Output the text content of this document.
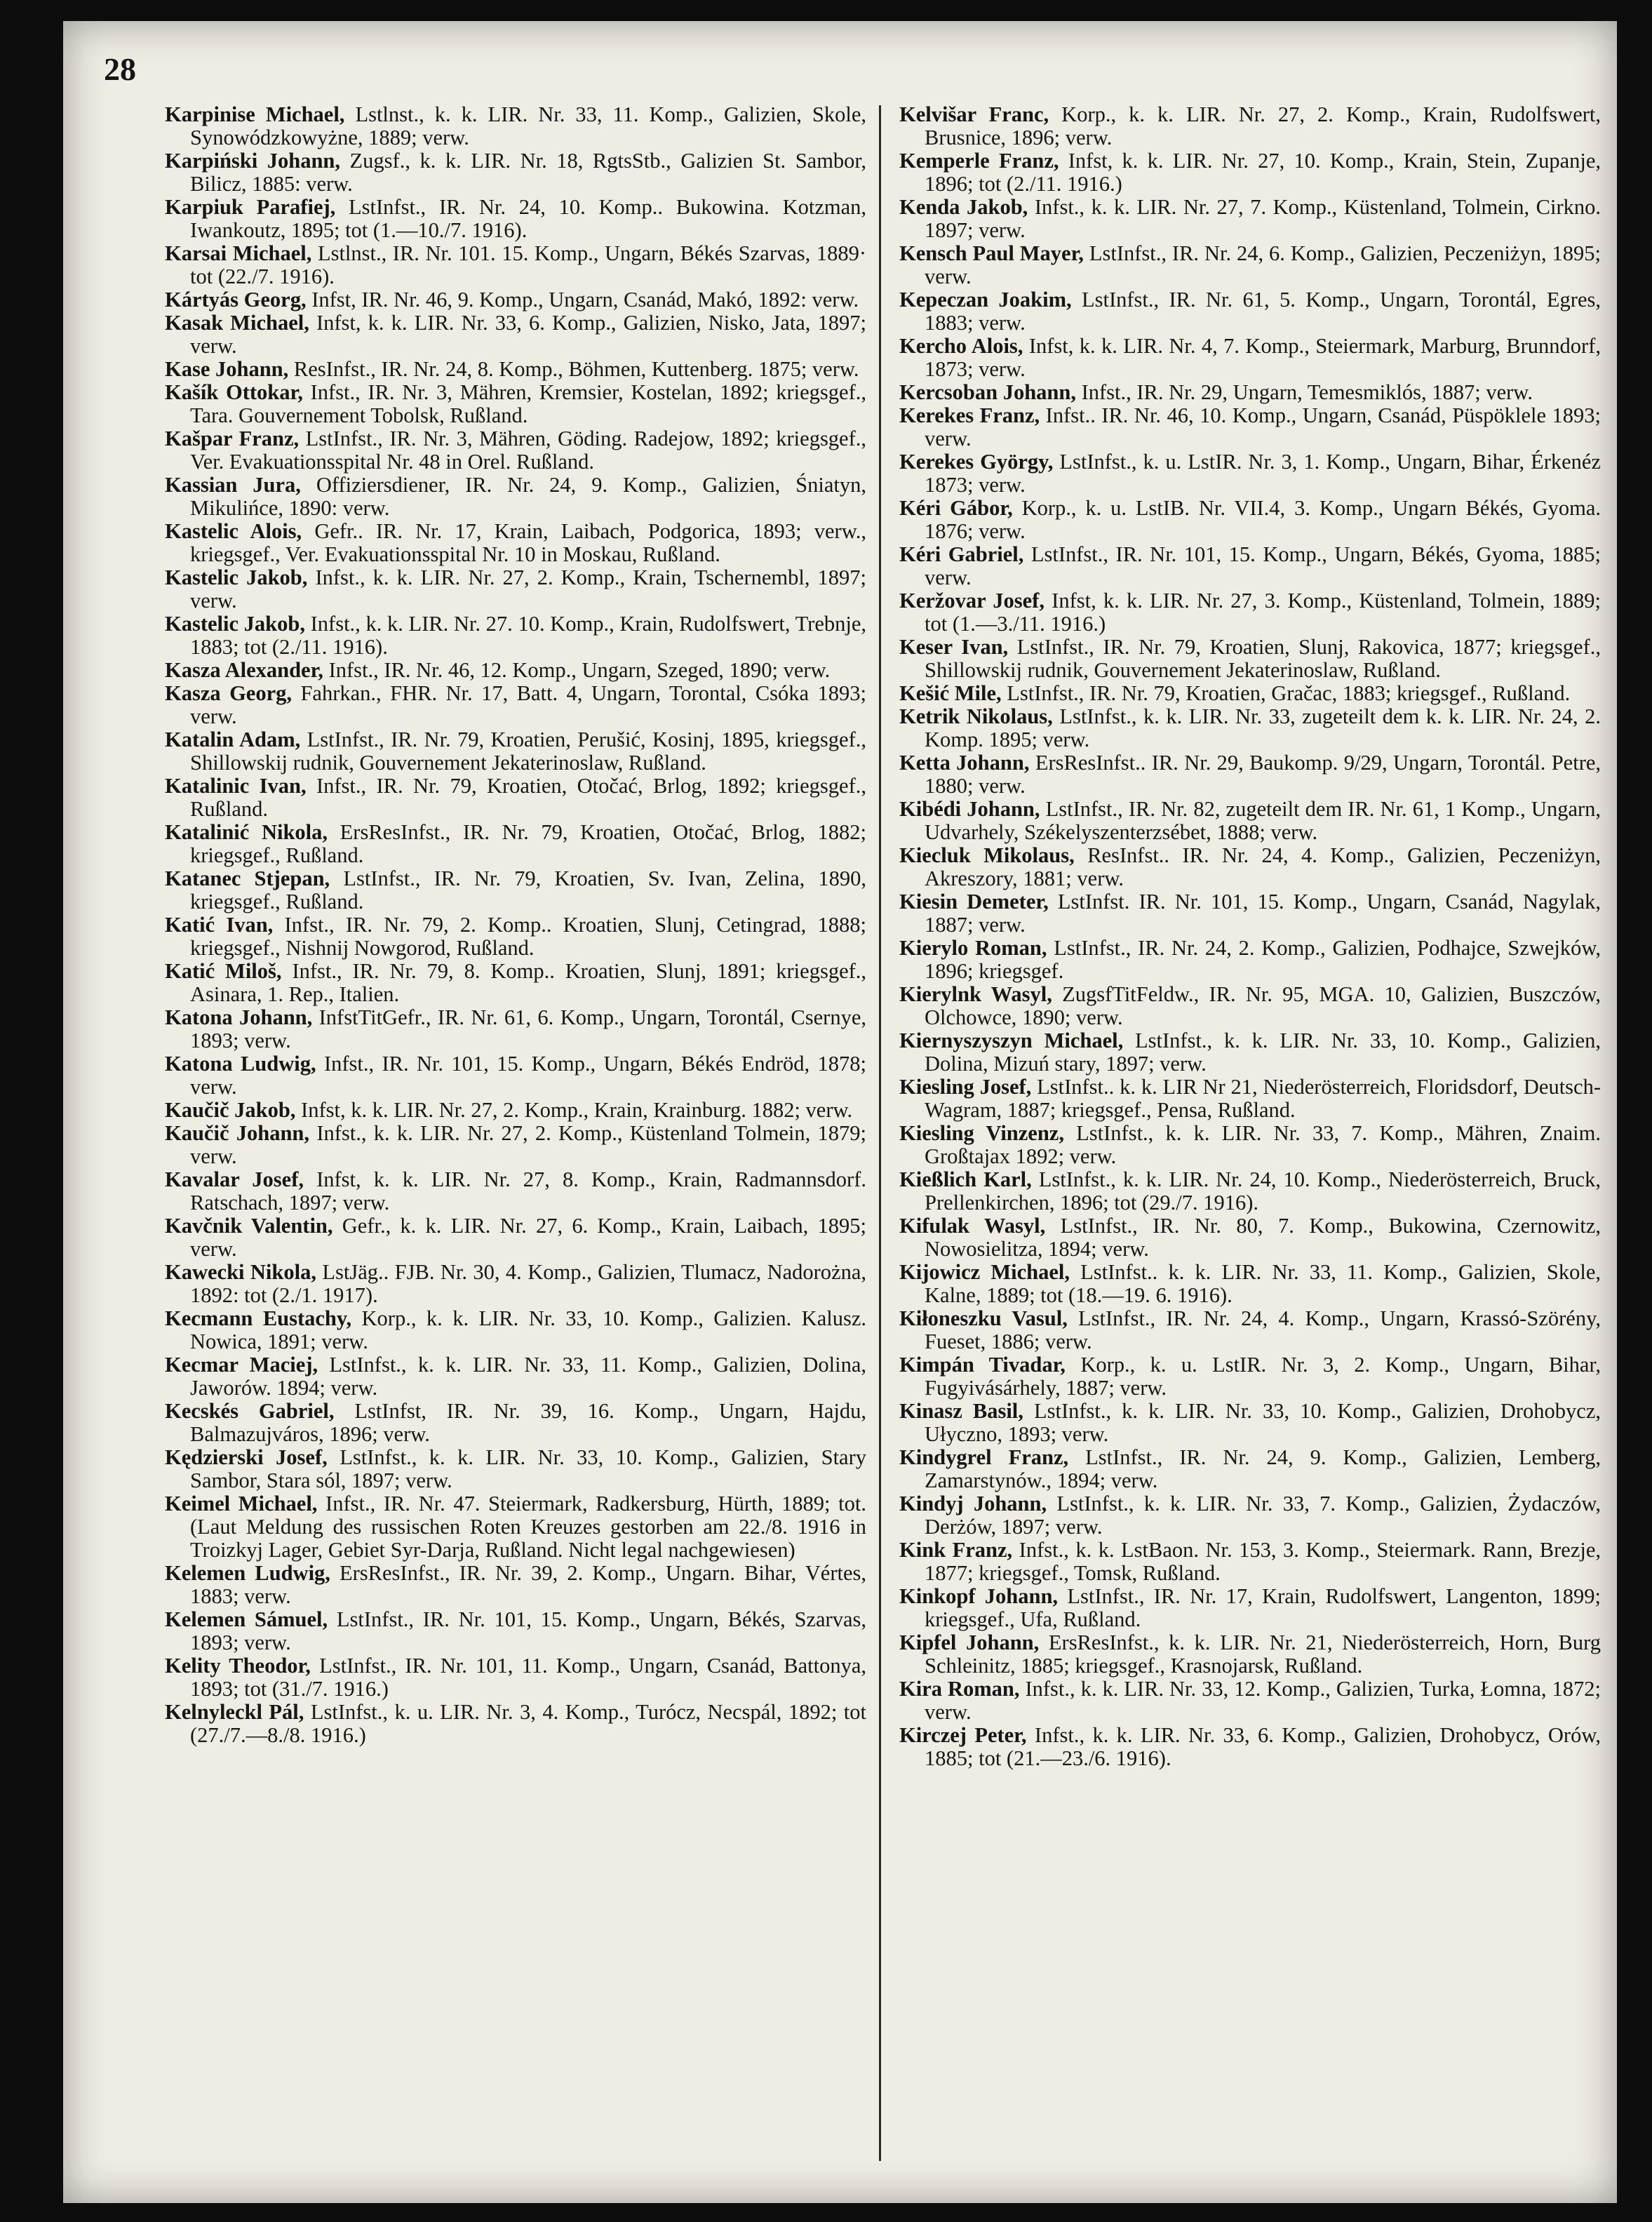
28

Karpinise Michael, Lstlnst., k. k. LIR. Nr. 33, 11. Komp., Galizien, Skole, Synowódzkowyżne, 1889; verw.

Karpiński Johann, Zugsf., k. k. LIR. Nr. 18, RgtsStb., Galizien St. Sambor, Bilicz, 1885: verw.

Karpiuk Parafiej, LstInfst., IR. Nr. 24, 10. Komp.. Bukowina. Kotzman, Iwankoutz, 1895; tot (1.—10./7. 1916).

Karsai Michael, Lstlnst., IR. Nr. 101. 15. Komp., Ungarn, Békés Szarvas, 1889· tot (22./7. 1916).

Kártyás Georg, Infst, IR. Nr. 46, 9. Komp., Ungarn, Csanád, Makó, 1892: verw.

Kasak Michael, Infst, k. k. LIR. Nr. 33, 6. Komp., Galizien, Nisko, Jata, 1897; verw.

Kase Johann, ResInfst., IR. Nr. 24, 8. Komp., Böhmen, Kuttenberg. 1875; verw.

Kašík Ottokar, Infst., IR. Nr. 3, Mähren, Kremsier, Kostelan, 1892; kriegsgef., Tara. Gouvernement Tobolsk, Rußland.

Kašpar Franz, LstInfst., IR. Nr. 3, Mähren, Göding. Radejow, 1892; kriegsgef., Ver. Evakuationsspital Nr. 48 in Orel. Rußland.

Kassian Jura, Offiziersdiener, IR. Nr. 24, 9. Komp., Galizien, Śniatyn, Mikulińce, 1890: verw.

Kastelic Alois, Gefr.. IR. Nr. 17, Krain, Laibach, Podgorica, 1893; verw., kriegsgef., Ver. Evakuationsspital Nr. 10 in Moskau, Rußland.

Kastelic Jakob, Infst., k. k. LIR. Nr. 27, 2. Komp., Krain, Tschernembl, 1897; verw.

Kastelic Jakob, Infst., k. k. LIR. Nr. 27. 10. Komp., Krain, Rudolfswert, Trebnje, 1883; tot (2./11. 1916).

Kasza Alexander, Infst., IR. Nr. 46, 12. Komp., Ungarn, Szeged, 1890; verw.

Kasza Georg, Fahrkan., FHR. Nr. 17, Batt. 4, Ungarn, Torontal, Csóka 1893; verw.

Katalin Adam, LstInfst., IR. Nr. 79, Kroatien, Perušić, Kosinj, 1895, kriegsgef., Shillowskij rudnik, Gouvernement Jekaterinoslaw, Rußland.

Katalinic Ivan, Infst., IR. Nr. 79, Kroatien, Otočać, Brlog, 1892; kriegsgef., Rußland.

Katalinić Nikola, ErsResInfst., IR. Nr. 79, Kroatien, Otočać, Brlog, 1882; kriegsgef., Rußland.

Katanec Stjepan, LstInfst., IR. Nr. 79, Kroatien, Sv. Ivan, Zelina, 1890, kriegsgef., Rußland.

Katić Ivan, Infst., IR. Nr. 79, 2. Komp.. Kroatien, Slunj, Cetingrad, 1888; kriegsgef., Nishnij Nowgorod, Rußland.

Katić Miloš, Infst., IR. Nr. 79, 8. Komp.. Kroatien, Slunj, 1891; kriegsgef., Asinara, 1. Rep., Italien.

Katona Johann, InfstTitGefr., IR. Nr. 61, 6. Komp., Ungarn, Torontál, Csernye, 1893; verw.

Katona Ludwig, Infst., IR. Nr. 101, 15. Komp., Ungarn, Békés Endröd, 1878; verw.

Kaučič Jakob, Infst, k. k. LIR. Nr. 27, 2. Komp., Krain, Krainburg. 1882; verw.

Kaučič Johann, Infst., k. k. LIR. Nr. 27, 2. Komp., Küstenland Tolmein, 1879; verw.

Kavalar Josef, Infst, k. k. LIR. Nr. 27, 8. Komp., Krain, Radmannsdorf. Ratschach, 1897; verw.

Kavčnik Valentin, Gefr., k. k. LIR. Nr. 27, 6. Komp., Krain, Laibach, 1895; verw.

Kawecki Nikola, LstJäg.. FJB. Nr. 30, 4. Komp., Galizien, Tlumacz, Nadorożna, 1892: tot (2./1. 1917).

Kecmann Eustachy, Korp., k. k. LIR. Nr. 33, 10. Komp., Galizien. Kalusz. Nowica, 1891; verw.

Kecmar Maciej, LstInfst., k. k. LIR. Nr. 33, 11. Komp., Galizien, Dolina, Jaworów. 1894; verw.

Kecskés Gabriel, LstInfst, IR. Nr. 39, 16. Komp., Ungarn, Hajdu, Balmazujváros, 1896; verw.

Kędzierski Josef, LstInfst., k. k. LIR. Nr. 33, 10. Komp., Galizien, Stary Sambor, Stara sól, 1897; verw.

Keimel Michael, Infst., IR. Nr. 47. Steiermark, Radkersburg, Hürth, 1889; tot. (Laut Meldung des russischen Roten Kreuzes gestorben am 22./8. 1916 in Troizkyj Lager, Gebiet Syr-Darja, Rußland. Nicht legal nachgewiesen)

Kelemen Ludwig, ErsResInfst., IR. Nr. 39, 2. Komp., Ungarn. Bihar, Vértes, 1883; verw.

Kelemen Sámuel, LstInfst., IR. Nr. 101, 15. Komp., Ungarn, Békés, Szarvas, 1893; verw.

Kelity Theodor, LstInfst., IR. Nr. 101, 11. Komp., Ungarn, Csanád, Battonya, 1893; tot (31./7. 1916.)

Kelnyleckl Pál, LstInfst., k. u. LIR. Nr. 3, 4. Komp., Turócz, Necspál, 1892; tot (27./7.—8./8. 1916.)

Kelvišar Franc, Korp., k. k. LIR. Nr. 27, 2. Komp., Krain, Rudolfswert, Brusnice, 1896; verw.

Kemperle Franz, Infst, k. k. LIR. Nr. 27, 10. Komp., Krain, Stein, Zupanje, 1896; tot (2./11. 1916.)

Kenda Jakob, Infst., k. k. LIR. Nr. 27, 7. Komp., Küstenland, Tolmein, Cirkno. 1897; verw.

Kensch Paul Mayer, LstInfst., IR. Nr. 24, 6. Komp., Galizien, Peczeniżyn, 1895; verw.

Kepeczan Joakim, LstInfst., IR. Nr. 61, 5. Komp., Ungarn, Torontál, Egres, 1883; verw.

Kercho Alois, Infst, k. k. LIR. Nr. 4, 7. Komp., Steiermark, Marburg, Brunndorf, 1873; verw.

Kercsoban Johann, Infst., IR. Nr. 29, Ungarn, Temesmiklós, 1887; verw.

Kerekes Franz, Infst.. IR. Nr. 46, 10. Komp., Ungarn, Csanád, Püspöklele 1893; verw.

Kerekes György, LstInfst., k. u. LstIR. Nr. 3, 1. Komp., Ungarn, Bihar, Érkenéz 1873; verw.

Kéri Gábor, Korp., k. u. LstIB. Nr. VII.4, 3. Komp., Ungarn Békés, Gyoma. 1876; verw.

Kéri Gabriel, LstInfst., IR. Nr. 101, 15. Komp., Ungarn, Békés, Gyoma, 1885; verw.

Keržovar Josef, Infst, k. k. LIR. Nr. 27, 3. Komp., Küstenland, Tolmein, 1889; tot (1.—3./11. 1916.)

Keser Ivan, LstInfst., IR. Nr. 79, Kroatien, Slunj, Rakovica, 1877; kriegsgef., Shillowskij rudnik, Gouvernement Jekaterinoslaw, Rußland.

Kešić Mile, LstInfst., IR. Nr. 79, Kroatien, Gračac, 1883; kriegsgef., Rußland.

Ketrik Nikolaus, LstInfst., k. k. LIR. Nr. 33, zugeteilt dem k. k. LIR. Nr. 24, 2. Komp. 1895; verw.

Ketta Johann, ErsResInfst.. IR. Nr. 29, Baukomp. 9/29, Ungarn, Torontál. Petre, 1880; verw.

Kibédi Johann, LstInfst., IR. Nr. 82, zugeteilt dem IR. Nr. 61, 1 Komp., Ungarn, Udvarhely, Székelyszenterzsébet, 1888; verw.

Kiecluk Mikolaus, ResInfst.. IR. Nr. 24, 4. Komp., Galizien, Peczeniżyn, Akreszory, 1881; verw.

Kiesin Demeter, LstInfst. IR. Nr. 101, 15. Komp., Ungarn, Csanád, Nagylak, 1887; verw.

Kierylo Roman, LstInfst., IR. Nr. 24, 2. Komp., Galizien, Podhajce, Szwejków, 1896; kriegsgef.

Kierylnk Wasyl, ZugsfTitFeldw., IR. Nr. 95, MGA. 10, Galizien, Buszczów, Olchowce, 1890; verw.

Kiernyszyszyn Michael, LstInfst., k. k. LIR. Nr. 33, 10. Komp., Galizien, Dolina, Mizuń stary, 1897; verw.

Kiesling Josef, LstInfst.. k. k. LIR Nr 21, Niederösterreich, Floridsdorf, Deutsch-Wagram, 1887; kriegsgef., Pensa, Rußland.

Kiesling Vinzenz, LstInfst., k. k. LIR. Nr. 33, 7. Komp., Mähren, Znaim. Großtajax 1892; verw.

Kießlich Karl, LstInfst., k. k. LIR. Nr. 24, 10. Komp., Niederösterreich, Bruck, Prellenkirchen, 1896; tot (29./7. 1916).

Kifulak Wasyl, LstInfst., IR. Nr. 80, 7. Komp., Bukowina, Czernowitz, Nowosielitza, 1894; verw.

Kijowicz Michael, LstInfst.. k. k. LIR. Nr. 33, 11. Komp., Galizien, Skole, Kalne, 1889; tot (18.—19. 6. 1916).

Kiłoneszku Vasul, LstInfst., IR. Nr. 24, 4. Komp., Ungarn, Krassó-Szörény, Fueset, 1886; verw.

Kimpán Tivadar, Korp., k. u. LstIR. Nr. 3, 2. Komp., Ungarn, Bihar, Fugyivásárhely, 1887; verw.

Kinasz Basil, LstInfst., k. k. LIR. Nr. 33, 10. Komp., Galizien, Drohobycz, Ułyczno, 1893; verw.

Kindygrel Franz, LstInfst., IR. Nr. 24, 9. Komp., Galizien, Lemberg, Zamarstynów., 1894; verw.

Kindyj Johann, LstInfst., k. k. LIR. Nr. 33, 7. Komp., Galizien, Żydaczów, Derżów, 1897; verw.

Kink Franz, Infst., k. k. LstBaon. Nr. 153, 3. Komp., Steiermark. Rann, Brezje, 1877; kriegsgef., Tomsk, Rußland.

Kinkopf Johann, LstInfst., IR. Nr. 17, Krain, Rudolfswert, Langenton, 1899; kriegsgef., Ufa, Rußland.

Kipfel Johann, ErsResInfst., k. k. LIR. Nr. 21, Niederösterreich, Horn, Burg Schleinitz, 1885; kriegsgef., Krasnojarsk, Rußland.

Kira Roman, Infst., k. k. LIR. Nr. 33, 12. Komp., Galizien, Turka, Łomna, 1872; verw.

Kirczej Peter, Infst., k. k. LIR. Nr. 33, 6. Komp., Galizien, Drohobycz, Orów, 1885; tot (21.—23./6. 1916).
